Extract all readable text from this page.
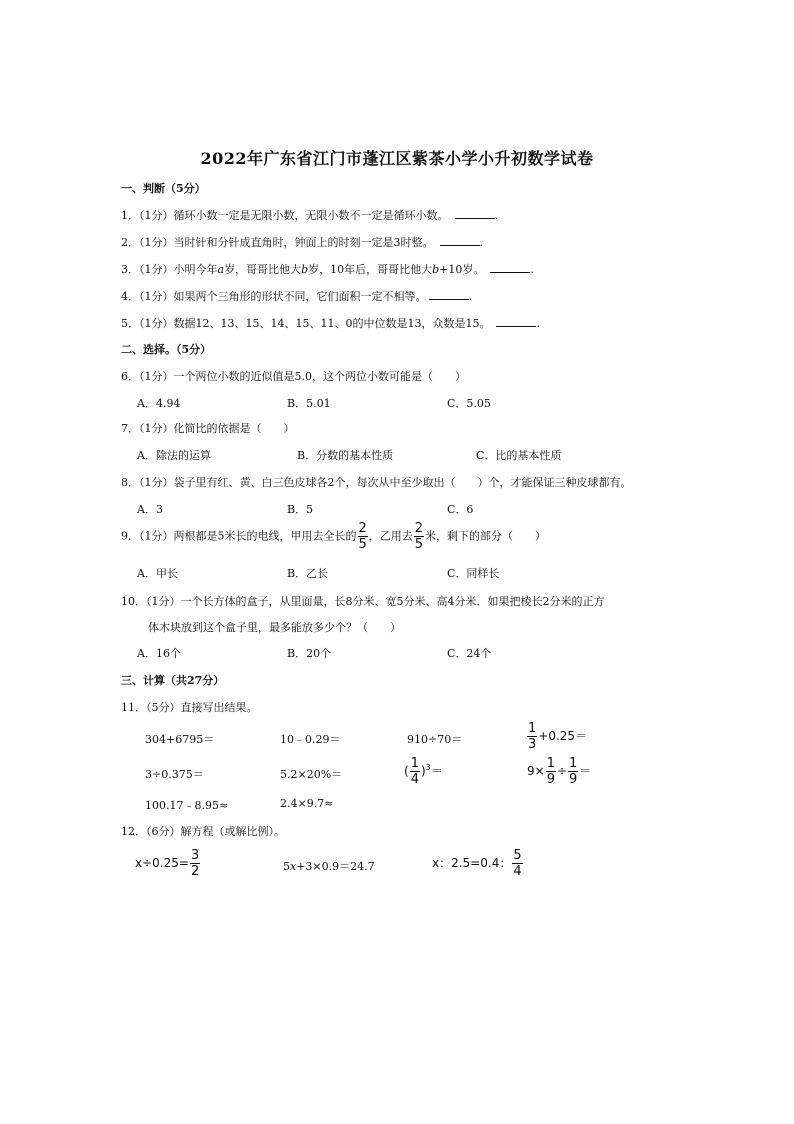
2022年广东省江门市蓬江区紫茶小学小升初数学试卷
一、判断（5分）
1．（1分）循环小数一定是无限小数，无限小数不一定是循环小数。	.
2．（1分）当时针和分针成直角时，钟面上的时刻一定是3时整。	.
3．（1分）小明今年a岁，哥哥比他大b岁，10年后，哥哥比他大b+10岁。	.
4．（1分）如果两个三角形的形状不同，它们面积一定不相等。	.
5．（1分）数据12、13、15、14、15、11、0的中位数是13，众数是15。	.
二、选择。（5分）
6．（1分）一个两位小数的近似值是5.0，这个两位小数可能是（　　）
A．4.94	B．5.01	C．5.05
7．（1分）化简比的依据是（　　）
A．除法的运算	B．分数的基本性质	C．比的基本性质
8．（1分）袋子里有红、黄、白三色皮球各2个，每次从中至少取出（　　）个，才能保证三种皮球都有。
A．3	B．5	C．6
9．（1分）两根都是5米长的电线，甲用去全长的 $\frac{2}{5}$ ，乙用去 $\frac{2}{5}$ 米，剩下的部分（　　）
A．甲长	B．乙长	C．同样长
10．（1分）一个长方体的盒子，从里面量，长8分米、宽5分米、高4分米．如果把棱长2分米的正方
体木块放到这个盒子里，最多能放多少个？（　　）
A．16个	B．20个	C．24个
三、计算（共27分）
11．（5分）直接写出结果。
304+6795＝	10﹣0.29＝	910÷70＝	$\frac{1}{3} +0.25=$
3÷0.375＝	5.2×20%＝	( $\frac{1}{4} )^3=$	$9\times \frac{1}{9} \div \frac{1}{9}$ ＝
100.17﹣8.95≈	2.4×9.7≈
12．（6分）解方程（或解比例）。
$x\div 0.25= \frac{3}{2}$	5x+3×0.9＝24.7	x：2.5=0.4： $\frac{5}{4}$
